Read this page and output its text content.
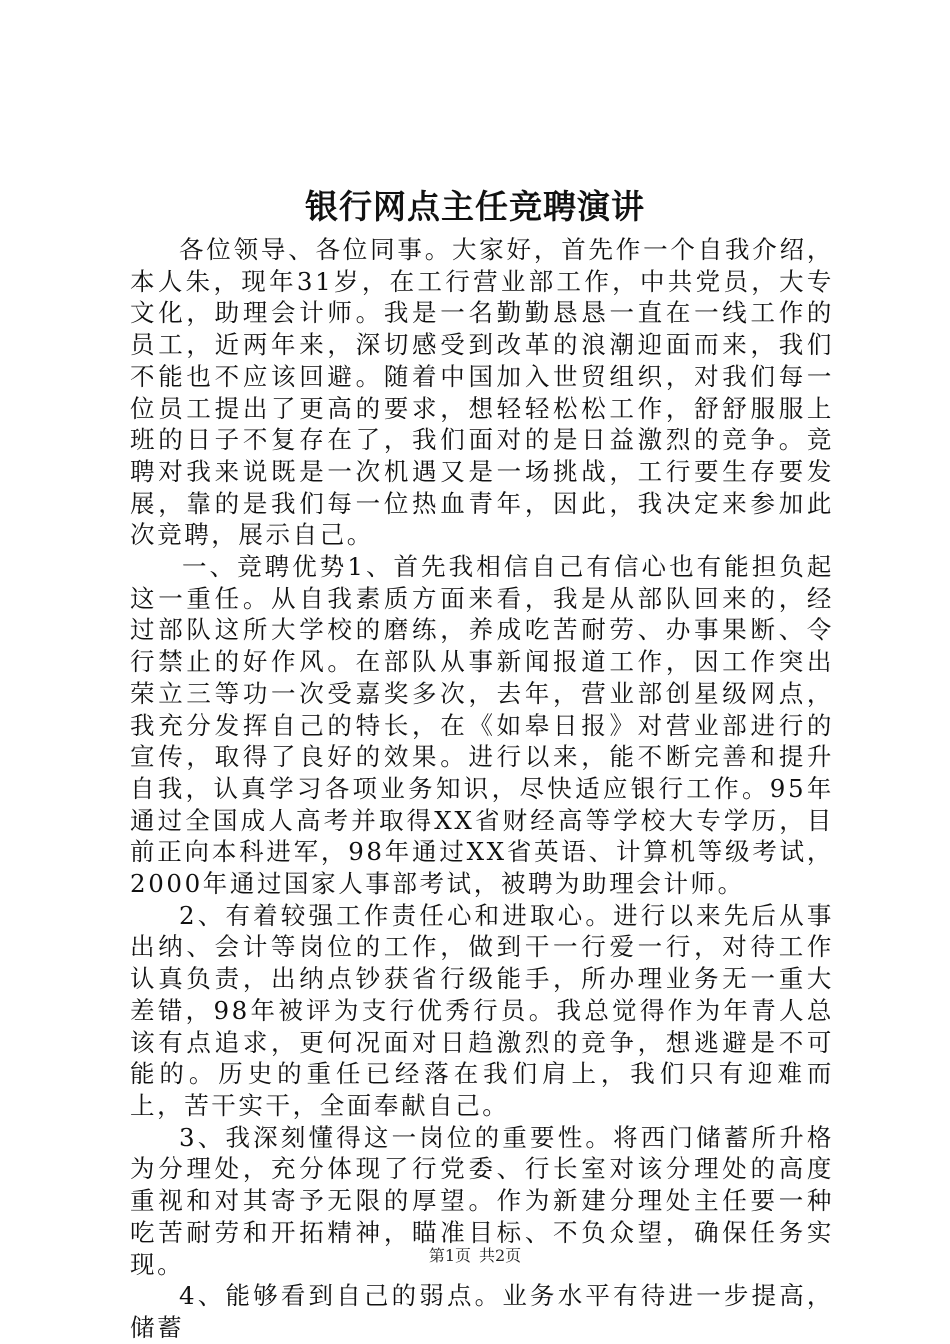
银行网点主任竞聘演讲

各位领导、各位同事。大家好，首先作一个自我介绍，本人朱，现年31岁，在工行营业部工作，中共党员，大专文化，助理会计师。我是一名勤勤恳恳一直在一线工作的员工，近两年来，深切感受到改革的浪潮迎面而来，我们不能也不应该回避。随着中国加入世贸组织，对我们每一位员工提出了更高的要求，想轻轻松松工作，舒舒服服上班的日子不复存在了，我们面对的是日益激烈的竞争。竞聘对我来说既是一次机遇又是一场挑战，工行要生存要发展，靠的是我们每一位热血青年，因此，我决定来参加此次竞聘，展示自己。

一、竞聘优势1、首先我相信自己有信心也有能担负起这一重任。从自我素质方面来看，我是从部队回来的，经过部队这所大学校的磨练，养成吃苦耐劳、办事果断、令行禁止的好作风。在部队从事新闻报道工作，因工作突出荣立三等功一次受嘉奖多次，去年，营业部创星级网点，我充分发挥自己的特长，在《如皋日报》对营业部进行的宣传，取得了良好的效果。进行以来，能不断完善和提升自我，认真学习各项业务知识，尽快适应银行工作。95年通过全国成人高考并取得XX省财经高等学校大专学历，目前正向本科进军，98年通过XX省英语、计算机等级考试，2000年通过国家人事部考试，被聘为助理会计师。

2、有着较强工作责任心和进取心。进行以来先后从事出纳、会计等岗位的工作，做到干一行爱一行，对待工作认真负责，出纳点钞获省行级能手，所办理业务无一重大差错，98年被评为支行优秀行员。我总觉得作为年青人总该有点追求，更何况面对日趋激烈的竞争，想逃避是不可能的。历史的重任已经落在我们肩上，我们只有迎难而上，苦干实干，全面奉献自己。

3、我深刻懂得这一岗位的重要性。将西门储蓄所升格为分理处，充分体现了行党委、行长室对该分理处的高度重视和对其寄予无限的厚望。作为新建分理处主任要一种吃苦耐劳和开拓精神，瞄准目标、不负众望，确保任务实现。

4、能够看到自己的弱点。业务水平有待进一步提高，储蓄

第1页 共2页
